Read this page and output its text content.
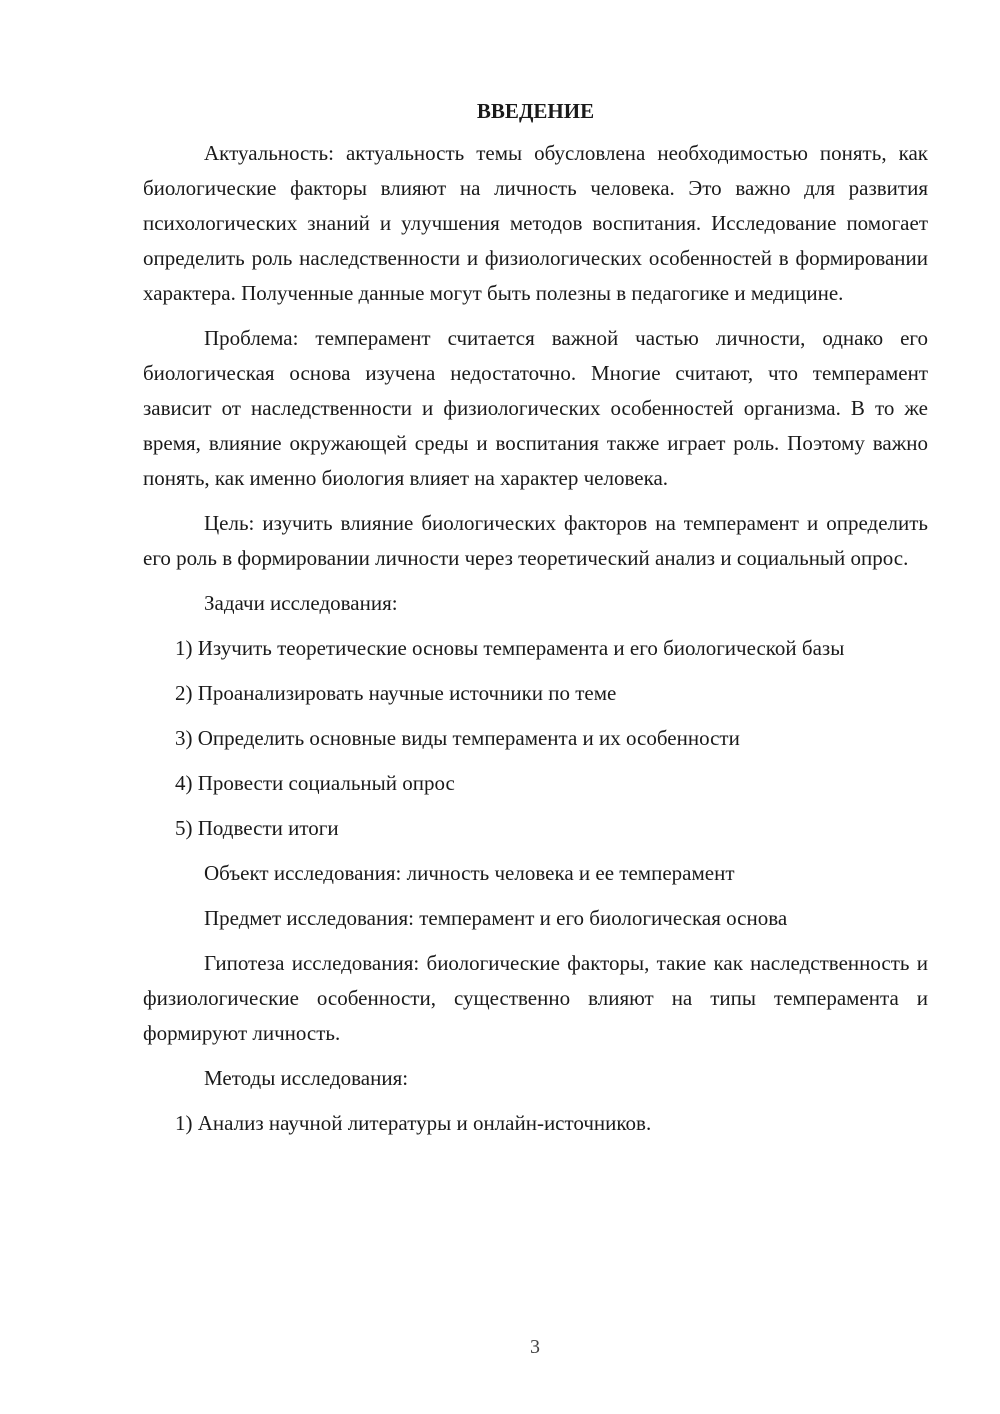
ВВЕДЕНИЕ

Актуальность: актуальность темы обусловлена необходимостью понять, как биологические факторы влияют на личность человека. Это важно для развития психологических знаний и улучшения методов воспитания. Исследование помогает определить роль наследственности и физиологических особенностей в формировании характера. Полученные данные могут быть полезны в педагогике и медицине.

Проблема: темперамент считается важной частью личности, однако его биологическая основа изучена недостаточно. Многие считают, что темперамент зависит от наследственности и физиологических особенностей организма. В то же время, влияние окружающей среды и воспитания также играет роль. Поэтому важно понять, как именно биология влияет на характер человека.

Цель: изучить влияние биологических факторов на темперамент и определить его роль в формировании личности через теоретический анализ и социальный опрос.

Задачи исследования:

1) Изучить теоретические основы темперамента и его биологической базы

2) Проанализировать научные источники по теме

3) Определить основные виды темперамента и их особенности

4) Провести социальный опрос

5) Подвести итоги

Объект исследования: личность человека и ее темперамент

Предмет исследования: темперамент и его биологическая основа

Гипотеза исследования: биологические факторы, такие как наследственность и физиологические особенности, существенно влияют на типы темперамента и формируют личность.

Методы исследования:

1) Анализ научной литературы и онлайн-источников.

3
